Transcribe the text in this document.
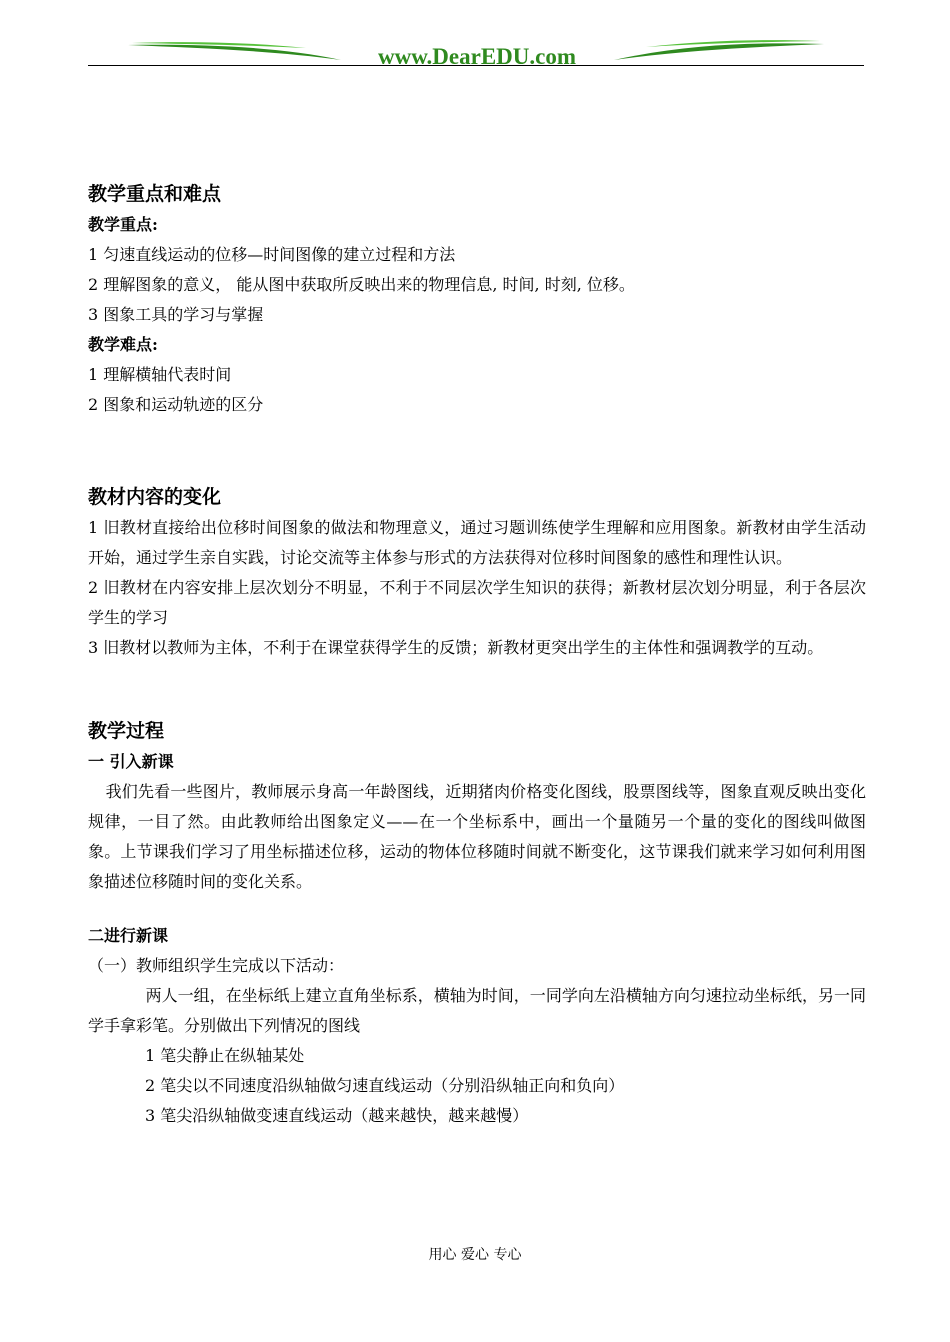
www.DearEDU.com
教学重点和难点
教学重点:
1 匀速直线运动的位移—时间图像的建立过程和方法
2 理解图象的意义， 能从图中获取所反映出来的物理信息, 时间, 时刻, 位移。
3 图象工具的学习与掌握
教学难点:
1 理解横轴代表时间
2 图象和运动轨迹的区分
教材内容的变化

1 旧教材直接给出位移时间图象的做法和物理意义，通过习题训练使学生理解和应用图象。新教材由学生活动开始，通过学生亲自实践，讨论交流等主体参与形式的方法获得对位移时间图象的感性和理性认识。

2 旧教材在内容安排上层次划分不明显，不利于不同层次学生知识的获得；新教材层次划分明显，利于各层次学生的学习

3 旧教材以教师为主体，不利于在课堂获得学生的反馈；新教材更突出学生的主体性和强调教学的互动。

教学过程
一 引入新课

我们先看一些图片，教师展示身高一年龄图线，近期猪肉价格变化图线，股票图线等，图象直观反映出变化规律，一目了然。由此教师给出图象定义——在一个坐标系中，画出一个量随另一个量的变化的图线叫做图象。上节课我们学习了用坐标描述位移，运动的物体位移随时间就不断变化，这节课我们就来学习如何利用图象描述位移随时间的变化关系。

二进行新课
（一）教师组织学生完成以下活动：

两人一组，在坐标纸上建立直角坐标系，横轴为时间，一同学向左沿横轴方向匀速拉动坐标纸，另一同学手拿彩笔。分别做出下列情况的图线

1 笔尖静止在纵轴某处
2 笔尖以不同速度沿纵轴做匀速直线运动（分别沿纵轴正向和负向）
3 笔尖沿纵轴做变速直线运动（越来越快，越来越慢）
用心 爱心 专心
